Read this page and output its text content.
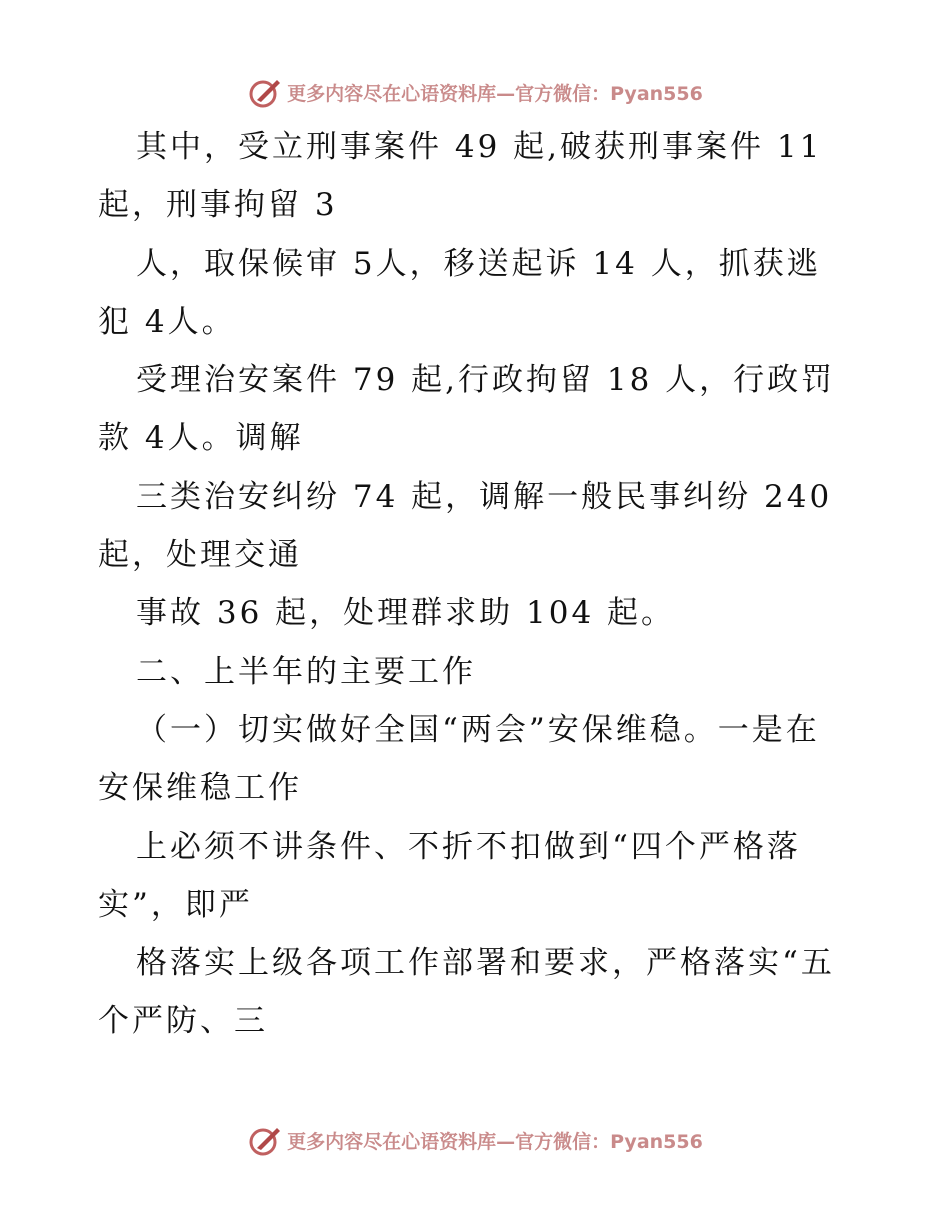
更多内容尽在心语资料库—官方微信：Pyan556
其中，受立刑事案件 49 起,破获刑事案件 11
起，刑事拘留 3
人，取保候审 5人，移送起诉 14 人，抓获逃
犯 4人。
受理治安案件 79 起,行政拘留 18 人，行政罚
款 4人。调解
三类治安纠纷 74 起，调解一般民事纠纷 240
起，处理交通
事故 36 起，处理群求助 104 起。
二、上半年的主要工作
（一）切实做好全国“两会”安保维稳。一是在
安保维稳工作
上必须不讲条件、不折不扣做到“四个严格落
实”，即严
格落实上级各项工作部署和要求，严格落实“五
个严防、三
更多内容尽在心语资料库—官方微信：Pyan556
